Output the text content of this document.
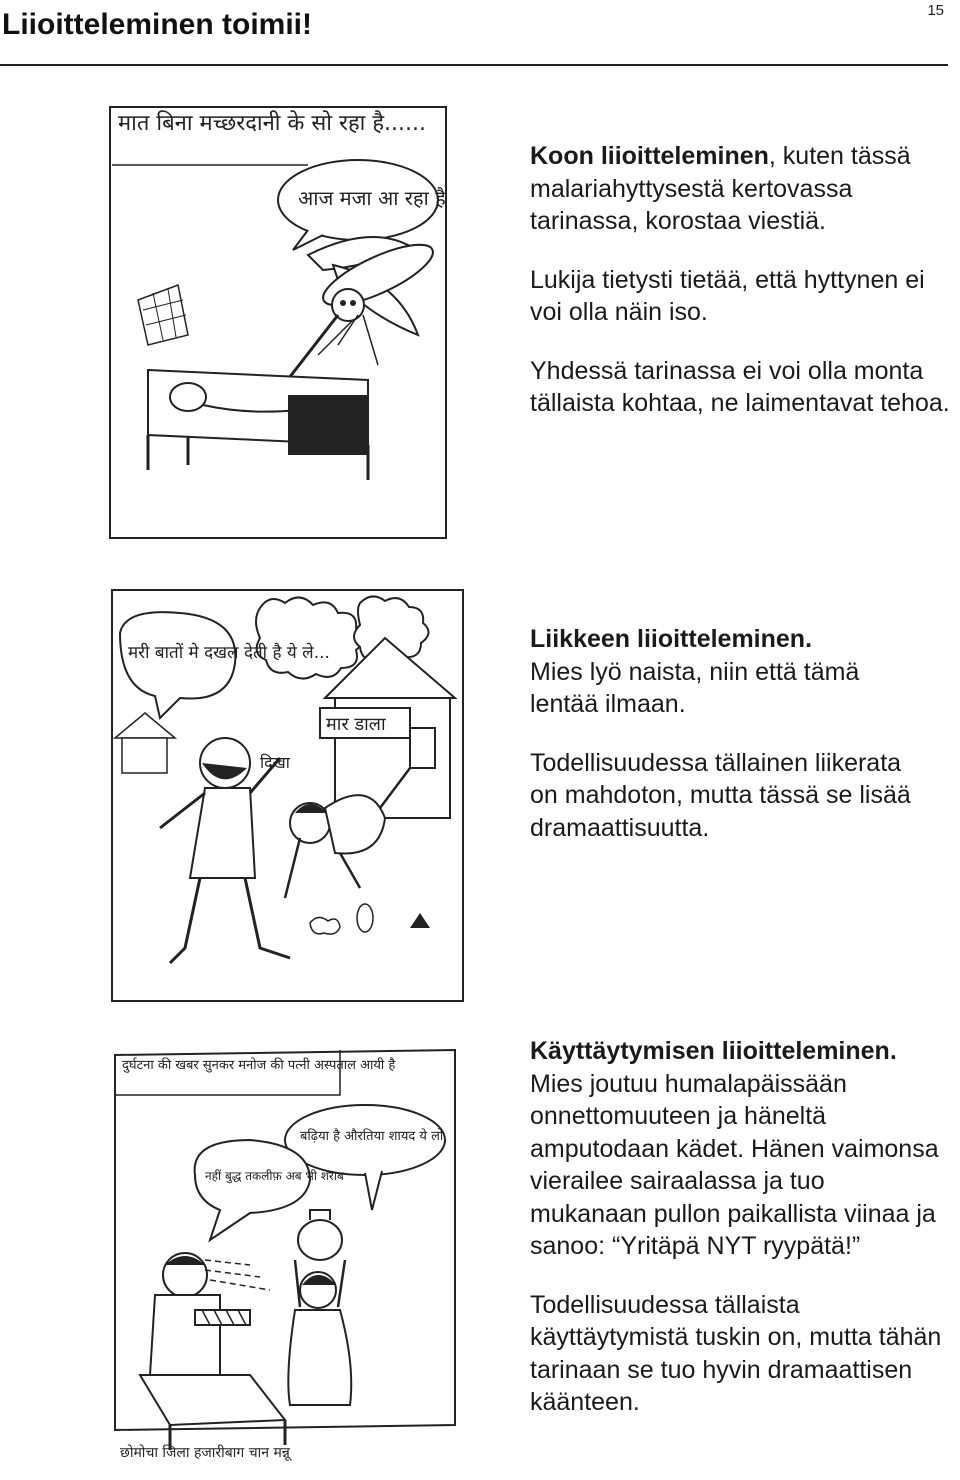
Liioitteleminen toimii!	15
मात बिना मच्छरदानी के सो रहा है......
आज मजा आ रहा है

Koon liioitteleminen, kuten tässä malariahyttysestä kertovassa tarinassa, korostaa viestiä.

Lukija tietysti tietää, että hyttynen ei voi olla näin iso.

Yhdessä tarinassa ei voi olla monta tällaista kohtaa, ne laimentavat tehoa.

मार डाला
मरी बातों मे दखल देती है ये ले...
दिखा

Liikkeen liioitteleminen.

Mies lyö naista, niin että tämä lentää ilmaan.

Todellisuudessa tällainen liikerata on mahdoton, mutta tässä se lisää dramaattisuutta.

दुर्घटना की खबर सुनकर मनोज की पत्नी अस्पताल आयी है
बढ़िया है औरतिया शायद ये लो
नहीं बुद्ध तकलीफ़ अब भी शराब
छोमोचा जिला हजारीबाग चान मन्नू

Käyttäytymisen liioitteleminen.

Mies joutuu humalapäissään onnettomuuteen ja häneltä amputodaan kädet. Hänen vaimonsa vierailee sairaalassa ja tuo mukanaan pullon paikallista viinaa ja sanoo: “Yritäpä NYT ryypätä!”

Todellisuudessa tällaista käyttäytymistä tuskin on, mutta tähän tarinaan se tuo hyvin dramaattisen käänteen.
